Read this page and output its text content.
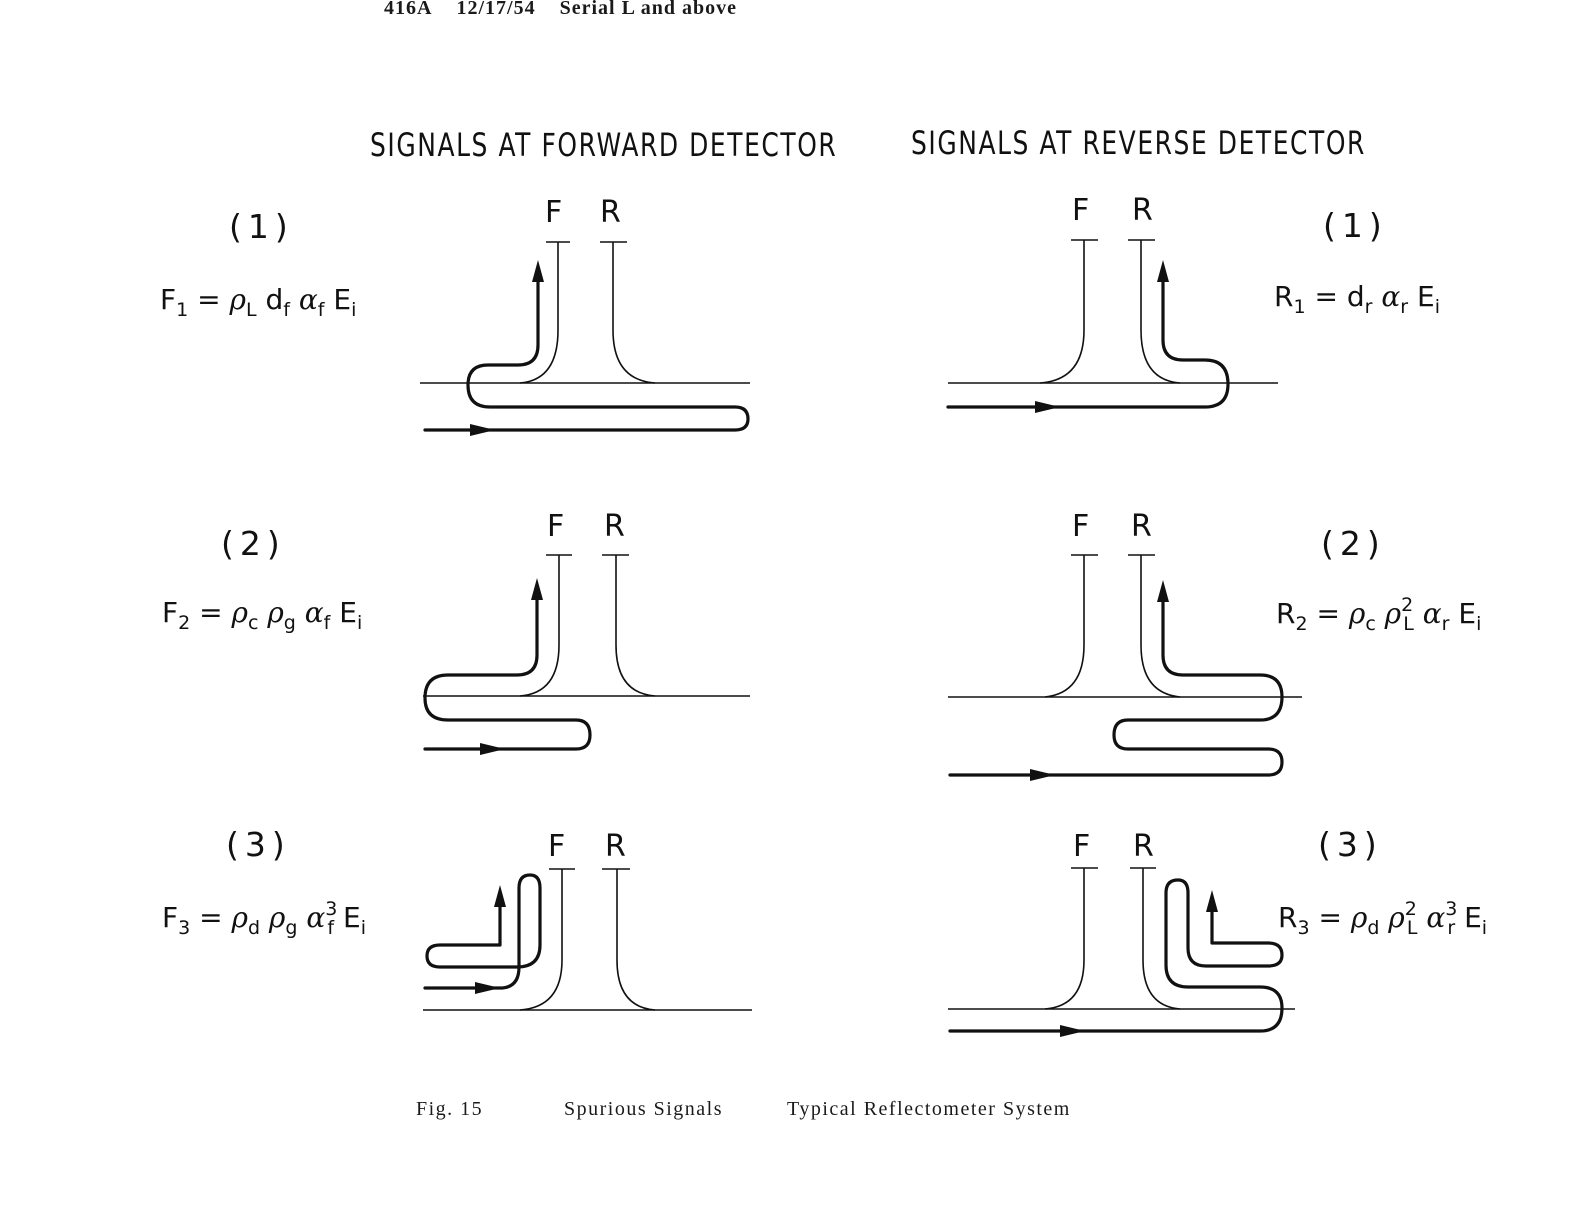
416A 12/17/54 Serial L and above
SIGNALS AT FORWARD DETECTOR SIGNALS AT REVERSE DETECTOR
(1)	(1)
(2)	(2)
(3)	(3)
$F_1 = \rho_L$ $d_f$ $\alpha_f$ $E_i$
$F_2 = \rho_c$ $\rho_g$ $\alpha_f$ $E_i$
$F_3 = \rho_d$ $\rho_g$ $\alpha^3_f$ $E_i$
$R_1 = d_r$ $\alpha_r$ $E_i$
$R_2 = \rho_c$ $\rho^2_L$ $\alpha_r$ $E_i$
$R_3 = \rho_d$ $\rho^2_L$ $\alpha^3_r$ $E_i$
F R	F R
F R	F R
F R	F R
Fig. 15	Spurious Signals	Typical Reflectometer System
